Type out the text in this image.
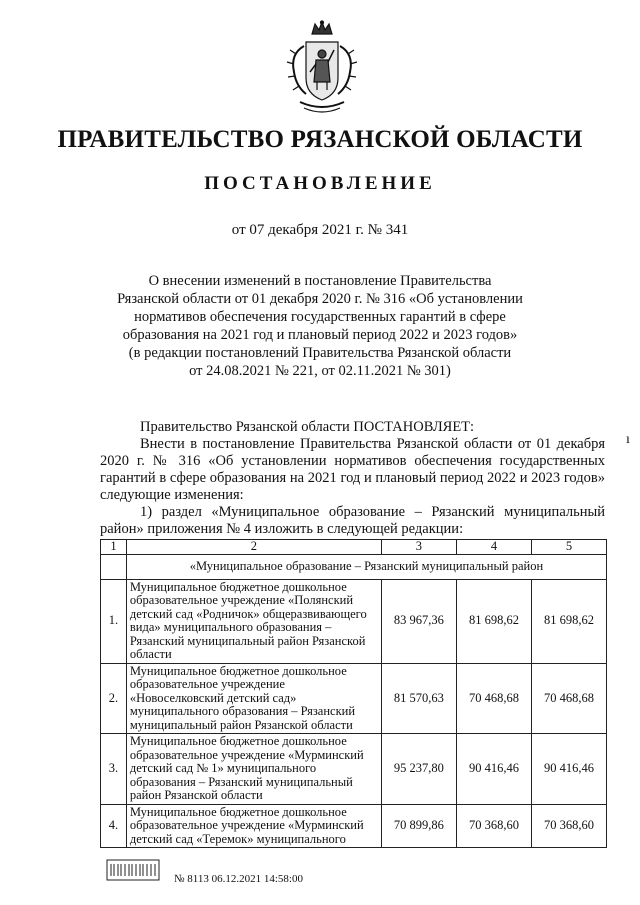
ПРАВИТЕЛЬСТВО РЯЗАНСКОЙ ОБЛАСТИ
ПОСТАНОВЛЕНИЕ
от 07 декабря 2021 г. № 341
О внесении изменений в постановление Правительства
Рязанской области от 01 декабря 2020 г. № 316 «Об установлении
нормативов обеспечения государственных гарантий в сфере
образования на 2021 год и плановый период 2022 и 2023 годов»
(в редакции постановлений Правительства Рязанской области
от 24.08.2021 № 221, от 02.11.2021 № 301)

Правительство Рязанской области ПОСТАНОВЛЯЕТ:

Внести в постановление Правительства Рязанской области от 01 декабря 2020 г. № 316 «Об установлении нормативов обеспечения государственных гарантий в сфере образования на 2021 год и плановый период 2022 и 2023 годов» следующие изменения:

1) раздел «Муниципальное образование – Рязанский муниципальный район» приложения № 4 изложить в следующей редакции:

ı
1	2	3	4	5
	«Муниципальное образование – Рязанский муниципальный район			
1.	Муниципальное бюджетное дошкольное образовательное учреждение «Полянский детский сад «Родничок» общеразвивающего вида» муниципального образования – Рязанский муниципальный район Рязанской области	83 967,36	81 698,62	81 698,62
2.	Муниципальное бюджетное дошкольное образовательное учреждение «Новоселковский детский сад» муниципального образования – Рязанский муниципальный район Рязанской области	81 570,63	70 468,68	70 468,68
3.	Муниципальное бюджетное дошкольное образовательное учреждение «Мурминский детский сад № 1» муниципального образования – Рязанский муниципальный район Рязанской области	95 237,80	90 416,46	90 416,46
4.	Муниципальное бюджетное дошкольное образовательное учреждение «Мурминский детский сад «Теремок» муниципального	70 899,86	70 368,60	70 368,60
№ 8113 06.12.2021 14:58:00
